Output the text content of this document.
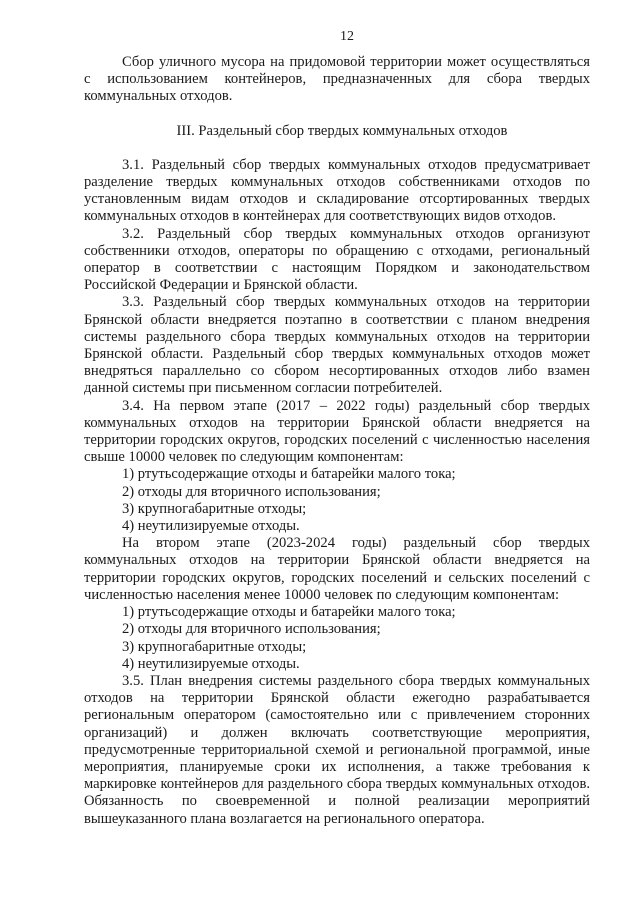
12

Сбор уличного мусора на придомовой территории может осуществляться с использованием контейнеров, предназначенных для сбора твердых коммунальных отходов.

III. Раздельный сбор твердых коммунальных отходов

3.1. Раздельный сбор твердых коммунальных отходов предусматривает разделение твердых коммунальных отходов собственниками отходов по установленным видам отходов и складирование отсортированных твердых коммунальных отходов в контейнерах для соответствующих видов отходов.

3.2. Раздельный сбор твердых коммунальных отходов организуют собственники отходов, операторы по обращению с отходами, региональный оператор в соответствии с настоящим Порядком и законодательством Российской Федерации и Брянской области.

3.3. Раздельный сбор твердых коммунальных отходов на территории Брянской области внедряется поэтапно в соответствии с планом внедрения системы раздельного сбора твердых коммунальных отходов на территории Брянской области. Раздельный сбор твердых коммунальных отходов может внедряться параллельно со сбором несортированных отходов либо взамен данной системы при письменном согласии потребителей.

3.4. На первом этапе (2017 – 2022 годы) раздельный сбор твердых коммунальных отходов на территории Брянской области внедряется на территории городских округов, городских поселений с численностью населения свыше 10000 человек по следующим компонентам:

1) ртутьсодержащие отходы и батарейки малого тока;

2) отходы для вторичного использования;

3) крупногабаритные отходы;

4) неутилизируемые отходы.

На втором этапе (2023-2024 годы) раздельный сбор твердых коммунальных отходов на территории Брянской области внедряется на территории городских округов, городских поселений и сельских поселений с численностью населения менее 10000 человек по следующим компонентам:

1) ртутьсодержащие отходы и батарейки малого тока;

2) отходы для вторичного использования;

3) крупногабаритные отходы;

4) неутилизируемые отходы.

3.5. План внедрения системы раздельного сбора твердых коммунальных отходов на территории Брянской области ежегодно разрабатывается региональным оператором (самостоятельно или с привлечением сторонних организаций) и должен включать соответствующие мероприятия, предусмотренные территориальной схемой и региональной программой, иные мероприятия, планируемые сроки их исполнения, а также требования к маркировке контейнеров для раздельного сбора твердых коммунальных отходов. Обязанность по своевременной и полной реализации мероприятий вышеуказанного плана возлагается на регионального оператора.
